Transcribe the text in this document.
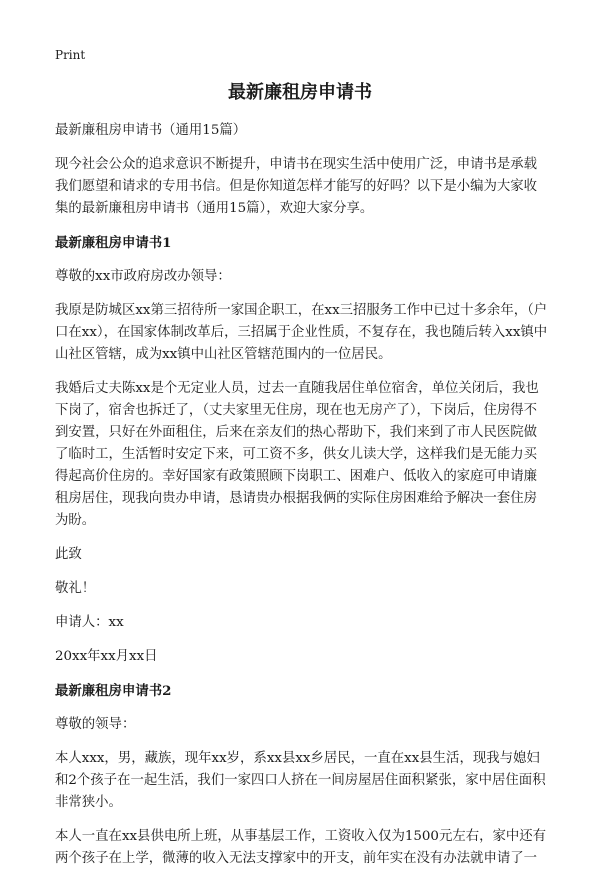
Print
最新廉租房申请书

最新廉租房申请书（通用15篇）

现今社会公众的追求意识不断提升，申请书在现实生活中使用广泛，申请书是承载我们愿望和请求的专用书信。但是你知道怎样才能写的好吗？以下是小编为大家收集的最新廉租房申请书（通用15篇），欢迎大家分享。

最新廉租房申请书1

尊敬的xx市政府房改办领导：

我原是防城区xx第三招待所一家国企职工，在xx三招服务工作中已过十多余年，（户口在xx），在国家体制改革后，三招属于企业性质，不复存在，我也随后转入xx镇中山社区管辖，成为xx镇中山社区管辖范围内的一位居民。

我婚后丈夫陈xx是个无定业人员，过去一直随我居住单位宿舍，单位关闭后，我也下岗了，宿舍也拆迁了，（丈夫家里无住房，现在也无房产了），下岗后，住房得不到安置，只好在外面租住，后来在亲友们的热心帮助下，我们来到了市人民医院做了临时工，生活暂时安定下来，可工资不多，供女儿读大学，这样我们是无能力买得起高价住房的。幸好国家有政策照顾下岗职工、困难户、低收入的家庭可申请廉租房居住，现我向贵办申请，恳请贵办根据我俩的实际住房困难给予解决一套住房为盼。

此致

敬礼！

申请人：xx

20xx年xx月xx日

最新廉租房申请书2

尊敬的领导：

本人xxx，男，藏族，现年xx岁，系xx县xx乡居民，一直在xx县生活，现我与媳妇和2个孩子在一起生活，我们一家四口人挤在一间房屋居住面积紧张，家中居住面积非常狭小。

本人一直在xx县供电所上班，从事基层工作，工资收入仅为1500元左右，家中还有两个孩子在上学，微薄的收入无法支撑家中的开支，前年实在没有办法就申请了一
